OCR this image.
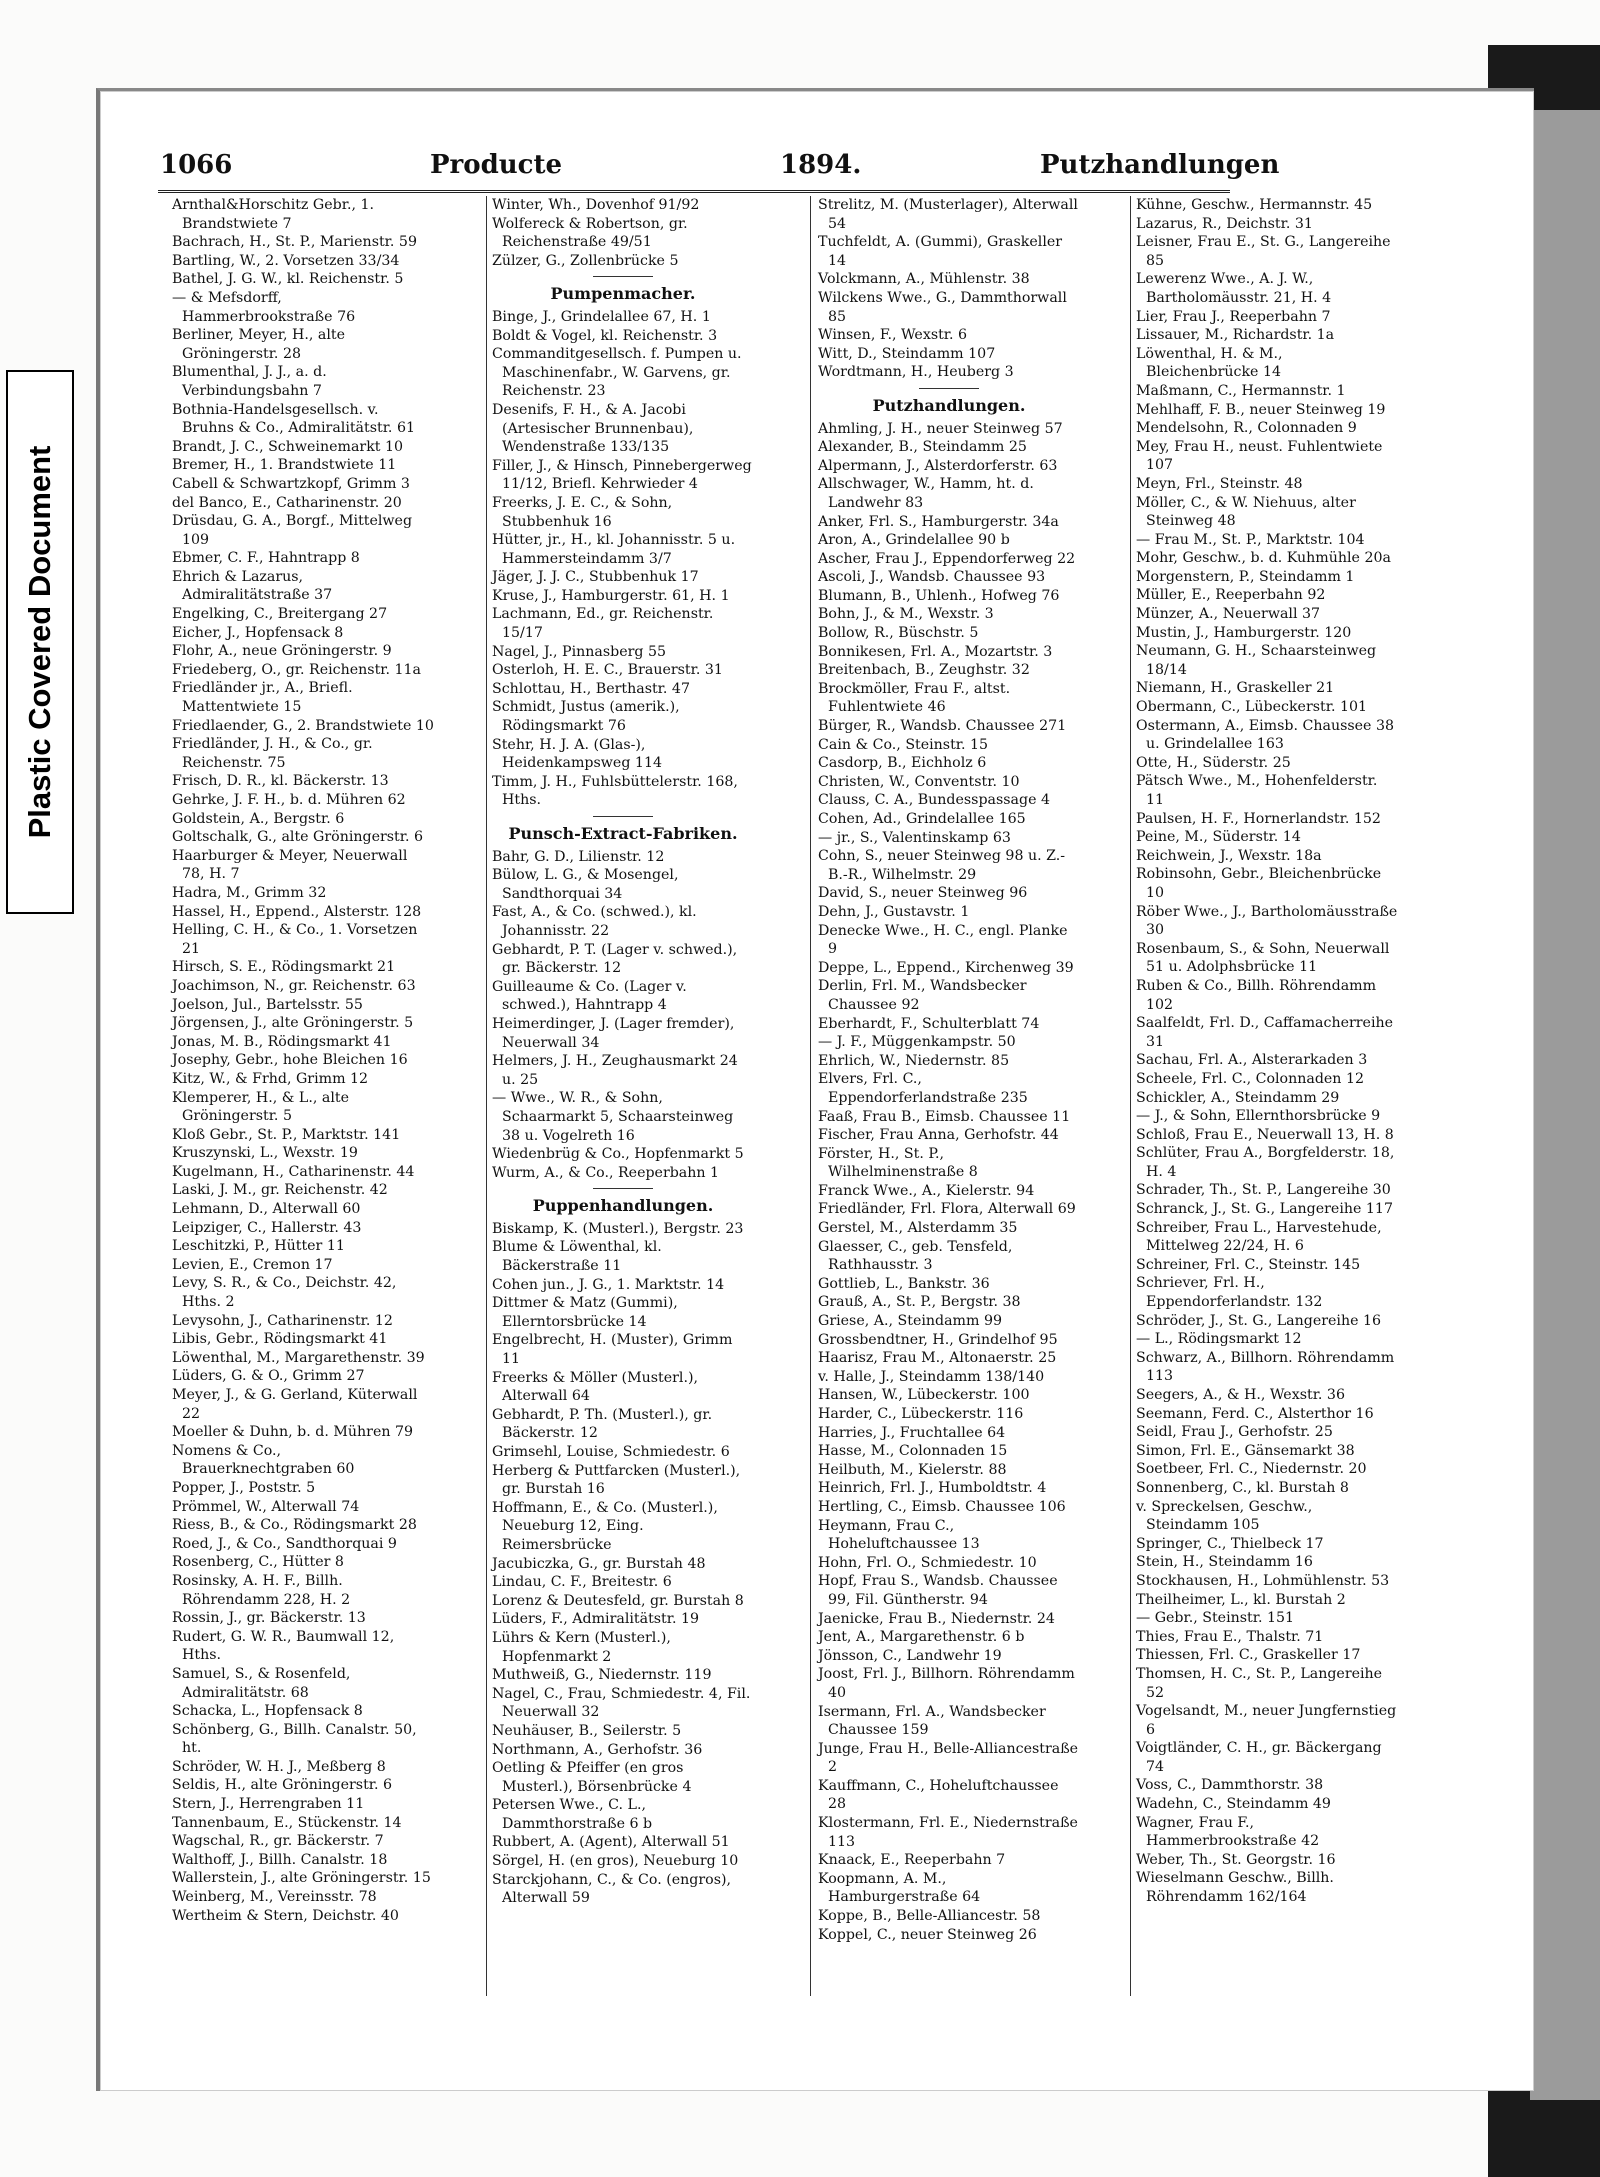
Plastic Covered Document
1066	Producte	1894.	Putzhandlungen
Arnthal&Horschitz Gebr., 1. Brandstwiete 7
Bachrach, H., St. P., Marienstr. 59
Bartling, W., 2. Vorsetzen 33/34
Bathel, J. G. W., kl. Reichenstr. 5
— & Mefsdorff, Hammerbrookstraße 76
Berliner, Meyer, H., alte Gröningerstr. 28
Blumenthal, J. J., a. d. Verbindungsbahn 7
Bothnia-Handelsgesellsch. v. Bruhns & Co., Admiralitätstr. 61
Brandt, J. C., Schweinemarkt 10
Bremer, H., 1. Brandstwiete 11
Cabell & Schwartzkopf, Grimm 3
del Banco, E., Catharinenstr. 20
Drüsdau, G. A., Borgf., Mittelweg 109
Ebmer, C. F., Hahntrapp 8
Ehrich & Lazarus, Admiralitätstraße 37
Engelking, C., Breitergang 27
Eicher, J., Hopfensack 8
Flohr, A., neue Gröningerstr. 9
Friedeberg, O., gr. Reichenstr. 11a
Friedländer jr., A., Briefl. Mattentwiete 15
Friedlaender, G., 2. Brandstwiete 10
Friedländer, J. H., & Co., gr. Reichenstr. 75
Frisch, D. R., kl. Bäckerstr. 13
Gehrke, J. F. H., b. d. Mühren 62
Goldstein, A., Bergstr. 6
Goltschalk, G., alte Gröningerstr. 6
Haarburger & Meyer, Neuerwall 78, H. 7
Hadra, M., Grimm 32
Hassel, H., Eppend., Alsterstr. 128
Helling, C. H., & Co., 1. Vorsetzen 21
Hirsch, S. E., Rödingsmarkt 21
Joachimson, N., gr. Reichenstr. 63
Joelson, Jul., Bartelsstr. 55
Jörgensen, J., alte Gröningerstr. 5
Jonas, M. B., Rödingsmarkt 41
Josephy, Gebr., hohe Bleichen 16
Kitz, W., & Frhd, Grimm 12
Klemperer, H., & L., alte Gröningerstr. 5
Kloß Gebr., St. P., Marktstr. 141
Kruszynski, L., Wexstr. 19
Kugelmann, H., Catharinenstr. 44
Laski, J. M., gr. Reichenstr. 42
Lehmann, D., Alterwall 60
Leipziger, C., Hallerstr. 43
Leschitzki, P., Hütter 11
Levien, E., Cremon 17
Levy, S. R., & Co., Deichstr. 42, Hths. 2
Levysohn, J., Catharinenstr. 12
Libis, Gebr., Rödingsmarkt 41
Löwenthal, M., Margarethenstr. 39
Lüders, G. & O., Grimm 27
Meyer, J., & G. Gerland, Küterwall 22
Moeller & Duhn, b. d. Mühren 79
Nomens & Co., Brauerknechtgraben 60
Popper, J., Poststr. 5
Prömmel, W., Alterwall 74
Riess, B., & Co., Rödingsmarkt 28
Roed, J., & Co., Sandthorquai 9
Rosenberg, C., Hütter 8
Rosinsky, A. H. F., Billh. Röhrendamm 228, H. 2
Rossin, J., gr. Bäckerstr. 13
Rudert, G. W. R., Baumwall 12, Hths.
Samuel, S., & Rosenfeld, Admiralitätstr. 68
Schacka, L., Hopfensack 8
Schönberg, G., Billh. Canalstr. 50, ht.
Schröder, W. H. J., Meßberg 8
Seldis, H., alte Gröningerstr. 6
Stern, J., Herrengraben 11
Tannenbaum, E., Stückenstr. 14
Wagschal, R., gr. Bäckerstr. 7
Walthoff, J., Billh. Canalstr. 18
Wallerstein, J., alte Gröningerstr. 15
Weinberg, M., Vereinsstr. 78
Wertheim & Stern, Deichstr. 40
Winter, Wh., Dovenhof 91/92
Wolfereck & Robertson, gr. Reichenstraße 49/51
Zülzer, G., Zollenbrücke 5
Pumpenmacher.
Binge, J., Grindelallee 67, H. 1
Boldt & Vogel, kl. Reichenstr. 3
Commanditgesellsch. f. Pumpen u. Maschinenfabr., W. Garvens, gr. Reichenstr. 23
Desenifs, F. H., & A. Jacobi (Artesischer Brunnenbau), Wendenstraße 133/135
Filler, J., & Hinsch, Pinnebergerweg 11/12, Briefl. Kehrwieder 4
Freerks, J. E. C., & Sohn, Stubbenhuk 16
Hütter, jr., H., kl. Johannisstr. 5 u. Hammersteindamm 3/7
Jäger, J. J. C., Stubbenhuk 17
Kruse, J., Hamburgerstr. 61, H. 1
Lachmann, Ed., gr. Reichenstr. 15/17
Nagel, J., Pinnasberg 55
Osterloh, H. E. C., Brauerstr. 31
Schlottau, H., Berthastr. 47
Schmidt, Justus (amerik.), Rödingsmarkt 76
Stehr, H. J. A. (Glas-), Heidenkampsweg 114
Timm, J. H., Fuhlsbüttelerstr. 168, Hths.
Punsch-Extract-Fabriken.
Bahr, G. D., Lilienstr. 12
Bülow, L. G., & Mosengel, Sandthorquai 34
Fast, A., & Co. (schwed.), kl. Johannisstr. 22
Gebhardt, P. T. (Lager v. schwed.), gr. Bäckerstr. 12
Guilleaume & Co. (Lager v. schwed.), Hahntrapp 4
Heimerdinger, J. (Lager fremder), Neuerwall 34
Helmers, J. H., Zeughausmarkt 24 u. 25
— Wwe., W. R., & Sohn, Schaarmarkt 5, Schaarsteinweg 38 u. Vogelreth 16
Wiedenbrüg & Co., Hopfenmarkt 5
Wurm, A., & Co., Reeperbahn 1
Puppenhandlungen.
Biskamp, K. (Musterl.), Bergstr. 23
Blume & Löwenthal, kl. Bäckerstraße 11
Cohen jun., J. G., 1. Marktstr. 14
Dittmer & Matz (Gummi), Ellerntorsbrücke 14
Engelbrecht, H. (Muster), Grimm 11
Freerks & Möller (Musterl.), Alterwall 64
Gebhardt, P. Th. (Musterl.), gr. Bäckerstr. 12
Grimsehl, Louise, Schmiedestr. 6
Herberg & Puttfarcken (Musterl.), gr. Burstah 16
Hoffmann, E., & Co. (Musterl.), Neueburg 12, Eing. Reimersbrücke
Jacubiczka, G., gr. Burstah 48
Lindau, C. F., Breitestr. 6
Lorenz & Deutesfeld, gr. Burstah 8
Lüders, F., Admiralitätstr. 19
Lührs & Kern (Musterl.), Hopfenmarkt 2
Muthweiß, G., Niedernstr. 119
Nagel, C., Frau, Schmiedestr. 4, Fil. Neuerwall 32
Neuhäuser, B., Seilerstr. 5
Northmann, A., Gerhofstr. 36
Oetling & Pfeiffer (en gros Musterl.), Börsenbrücke 4
Petersen Wwe., C. L., Dammthorstraße 6 b
Rubbert, A. (Agent), Alterwall 51
Sörgel, H. (en gros), Neueburg 10
Starckjohann, C., & Co. (engros), Alterwall 59
Strelitz, M. (Musterlager), Alterwall 54
Tuchfeldt, A. (Gummi), Graskeller 14
Volckmann, A., Mühlenstr. 38
Wilckens Wwe., G., Dammthorwall 85
Winsen, F., Wexstr. 6
Witt, D., Steindamm 107
Wordtmann, H., Heuberg 3
Putzhandlungen.
Ahmling, J. H., neuer Steinweg 57
Alexander, B., Steindamm 25
Alpermann, J., Alsterdorferstr. 63
Allschwager, W., Hamm, ht. d. Landwehr 83
Anker, Frl. S., Hamburgerstr. 34a
Aron, A., Grindelallee 90 b
Ascher, Frau J., Eppendorferweg 22
Ascoli, J., Wandsb. Chaussee 93
Blumann, B., Uhlenh., Hofweg 76
Bohn, J., & M., Wexstr. 3
Bollow, R., Büschstr. 5
Bonnikesen, Frl. A., Mozartstr. 3
Breitenbach, B., Zeughstr. 32
Brockmöller, Frau F., altst. Fuhlentwiete 46
Bürger, R., Wandsb. Chaussee 271
Cain & Co., Steinstr. 15
Casdorp, B., Eichholz 6
Christen, W., Conventstr. 10
Clauss, C. A., Bundesspassage 4
Cohen, Ad., Grindelallee 165
— jr., S., Valentinskamp 63
Cohn, S., neuer Steinweg 98 u. Z.-B.-R., Wilhelmstr. 29
David, S., neuer Steinweg 96
Dehn, J., Gustavstr. 1
Denecke Wwe., H. C., engl. Planke 9
Deppe, L., Eppend., Kirchenweg 39
Derlin, Frl. M., Wandsbecker Chaussee 92
Eberhardt, F., Schulterblatt 74
— J. F., Müggenkampstr. 50
Ehrlich, W., Niedernstr. 85
Elvers, Frl. C., Eppendorferlandstraße 235
Faaß, Frau B., Eimsb. Chaussee 11
Fischer, Frau Anna, Gerhofstr. 44
Förster, H., St. P., Wilhelminenstraße 8
Franck Wwe., A., Kielerstr. 94
Friedländer, Frl. Flora, Alterwall 69
Gerstel, M., Alsterdamm 35
Glaesser, C., geb. Tensfeld, Rathhausstr. 3
Gottlieb, L., Bankstr. 36
Grauß, A., St. P., Bergstr. 38
Griese, A., Steindamm 99
Grossbendtner, H., Grindelhof 95
Haarisz, Frau M., Altonaerstr. 25
v. Halle, J., Steindamm 138/140
Hansen, W., Lübeckerstr. 100
Harder, C., Lübeckerstr. 116
Harries, J., Fruchtallee 64
Hasse, M., Colonnaden 15
Heilbuth, M., Kielerstr. 88
Heinrich, Frl. J., Humboldtstr. 4
Hertling, C., Eimsb. Chaussee 106
Heymann, Frau C., Hoheluftchaussee 13
Hohn, Frl. O., Schmiedestr. 10
Hopf, Frau S., Wandsb. Chaussee 99, Fil. Güntherstr. 94
Jaenicke, Frau B., Niedernstr. 24
Jent, A., Margarethenstr. 6 b
Jönsson, C., Landwehr 19
Joost, Frl. J., Billhorn. Röhrendamm 40
Isermann, Frl. A., Wandsbecker Chaussee 159
Junge, Frau H., Belle-Alliancestraße 2
Kauffmann, C., Hoheluftchaussee 28
Klostermann, Frl. E., Niedernstraße 113
Knaack, E., Reeperbahn 7
Koopmann, A. M., Hamburgerstraße 64
Koppe, B., Belle-Alliancestr. 58
Koppel, C., neuer Steinweg 26
Kühne, Geschw., Hermannstr. 45
Lazarus, R., Deichstr. 31
Leisner, Frau E., St. G., Langereihe 85
Lewerenz Wwe., A. J. W., Bartholomäusstr. 21, H. 4
Lier, Frau J., Reeperbahn 7
Lissauer, M., Richardstr. 1a
Löwenthal, H. & M., Bleichenbrücke 14
Maßmann, C., Hermannstr. 1
Mehlhaff, F. B., neuer Steinweg 19
Mendelsohn, R., Colonnaden 9
Mey, Frau H., neust. Fuhlentwiete 107
Meyn, Frl., Steinstr. 48
Möller, C., & W. Niehuus, alter Steinweg 48
— Frau M., St. P., Marktstr. 104
Mohr, Geschw., b. d. Kuhmühle 20a
Morgenstern, P., Steindamm 1
Müller, E., Reeperbahn 92
Münzer, A., Neuerwall 37
Mustin, J., Hamburgerstr. 120
Neumann, G. H., Schaarsteinweg 18/14
Niemann, H., Graskeller 21
Obermann, C., Lübeckerstr. 101
Ostermann, A., Eimsb. Chaussee 38 u. Grindelallee 163
Otte, H., Süderstr. 25
Pätsch Wwe., M., Hohenfelderstr. 11
Paulsen, H. F., Hornerlandstr. 152
Peine, M., Süderstr. 14
Reichwein, J., Wexstr. 18a
Robinsohn, Gebr., Bleichenbrücke 10
Röber Wwe., J., Bartholomäusstraße 30
Rosenbaum, S., & Sohn, Neuerwall 51 u. Adolphsbrücke 11
Ruben & Co., Billh. Röhrendamm 102
Saalfeldt, Frl. D., Caffamacherreihe 31
Sachau, Frl. A., Alsterarkaden 3
Scheele, Frl. C., Colonnaden 12
Schickler, A., Steindamm 29
— J., & Sohn, Ellernthorsbrücke 9
Schloß, Frau E., Neuerwall 13, H. 8
Schlüter, Frau A., Borgfelderstr. 18, H. 4
Schrader, Th., St. P., Langereihe 30
Schranck, J., St. G., Langereihe 117
Schreiber, Frau L., Harvestehude, Mittelweg 22/24, H. 6
Schreiner, Frl. C., Steinstr. 145
Schriever, Frl. H., Eppendorferlandstr. 132
Schröder, J., St. G., Langereihe 16
— L., Rödingsmarkt 12
Schwarz, A., Billhorn. Röhrendamm 113
Seegers, A., & H., Wexstr. 36
Seemann, Ferd. C., Alsterthor 16
Seidl, Frau J., Gerhofstr. 25
Simon, Frl. E., Gänsemarkt 38
Soetbeer, Frl. C., Niedernstr. 20
Sonnenberg, C., kl. Burstah 8
v. Spreckelsen, Geschw., Steindamm 105
Springer, C., Thielbeck 17
Stein, H., Steindamm 16
Stockhausen, H., Lohmühlenstr. 53
Theilheimer, L., kl. Burstah 2
— Gebr., Steinstr. 151
Thies, Frau E., Thalstr. 71
Thiessen, Frl. C., Graskeller 17
Thomsen, H. C., St. P., Langereihe 52
Vogelsandt, M., neuer Jungfernstieg 6
Voigtländer, C. H., gr. Bäckergang 74
Voss, C., Dammthorstr. 38
Wadehn, C., Steindamm 49
Wagner, Frau F., Hammerbrookstraße 42
Weber, Th., St. Georgstr. 16
Wieselmann Geschw., Billh. Röhrendamm 162/164
